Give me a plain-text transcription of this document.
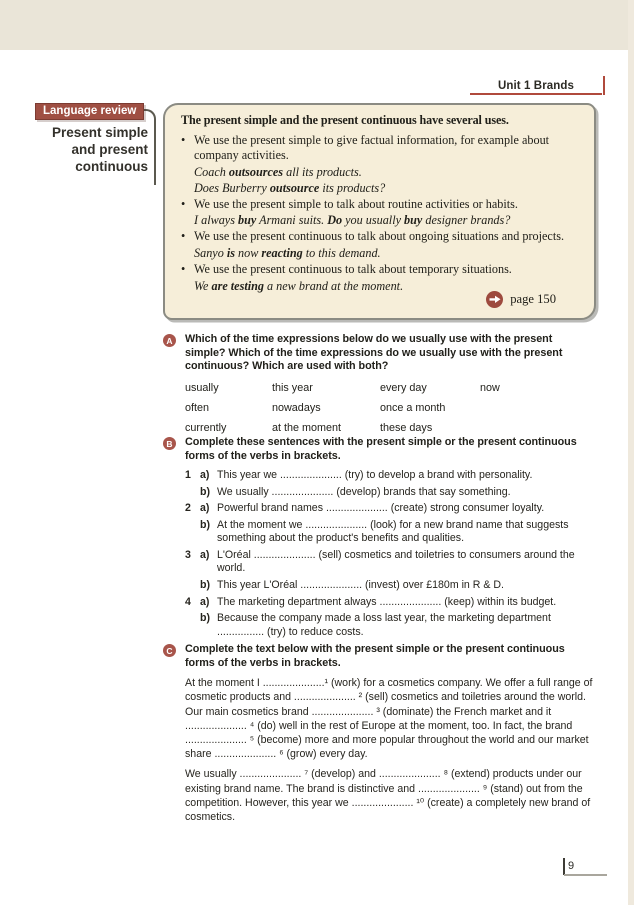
Unit 1 Brands
Language review
Present simple
and present
continuous
The present simple and the present continuous have several uses.
• We use the present simple to give factual information, for example about company activities.
Coach outsources all its products.
Does Burberry outsource its products?
• We use the present simple to talk about routine activities or habits.
I always buy Armani suits. Do you usually buy designer brands?
• We use the present continuous to talk about ongoing situations and projects.
Sanyo is now reacting to this demand.
• We use the present continuous to talk about temporary situations.
We are testing a new brand at the moment.
page 150
A	Which of the time expressions below do we usually use with the present simple? Which of the time expressions do we usually use with the present continuous? Which are used with both?
usually	this year	every day	now
often	nowadays	once a month
currently	at the moment	these days
B	Complete these sentences with the present simple or the present continuous forms of the verbs in brackets.
1 a) This year we ..................... (try) to develop a brand with personality.
b) We usually ..................... (develop) brands that say something.
2 a) Powerful brand names ..................... (create) strong consumer loyalty.
b) At the moment we ..................... (look) for a new brand name that suggests something about the product's benefits and qualities.
3 a) L'Oréal ..................... (sell) cosmetics and toiletries to consumers around the world.
b) This year L'Oréal ..................... (invest) over £180m in R & D.
4 a) The marketing department always ..................... (keep) within its budget.
b) Because the company made a loss last year, the marketing department ................ (try) to reduce costs.
C	Complete the text below with the present simple or the present continuous forms of the verbs in brackets.
At the moment I .....................¹ (work) for a cosmetics company. We offer a full range of cosmetic products and ..................... ² (sell) cosmetics and toiletries around the world. Our main cosmetics brand ..................... ³ (dominate) the French market and it ..................... ⁴ (do) well in the rest of Europe at the moment, too. In fact, the brand ..................... ⁵ (become) more and more popular throughout the world and our market share ..................... ⁶ (grow) every day.
We usually ..................... ⁷ (develop) and ..................... ⁸ (extend) products under our existing brand name. The brand is distinctive and ..................... ⁹ (stand) out from the competition. However, this year we ..................... ¹⁰ (create) a completely new brand of cosmetics.
9
